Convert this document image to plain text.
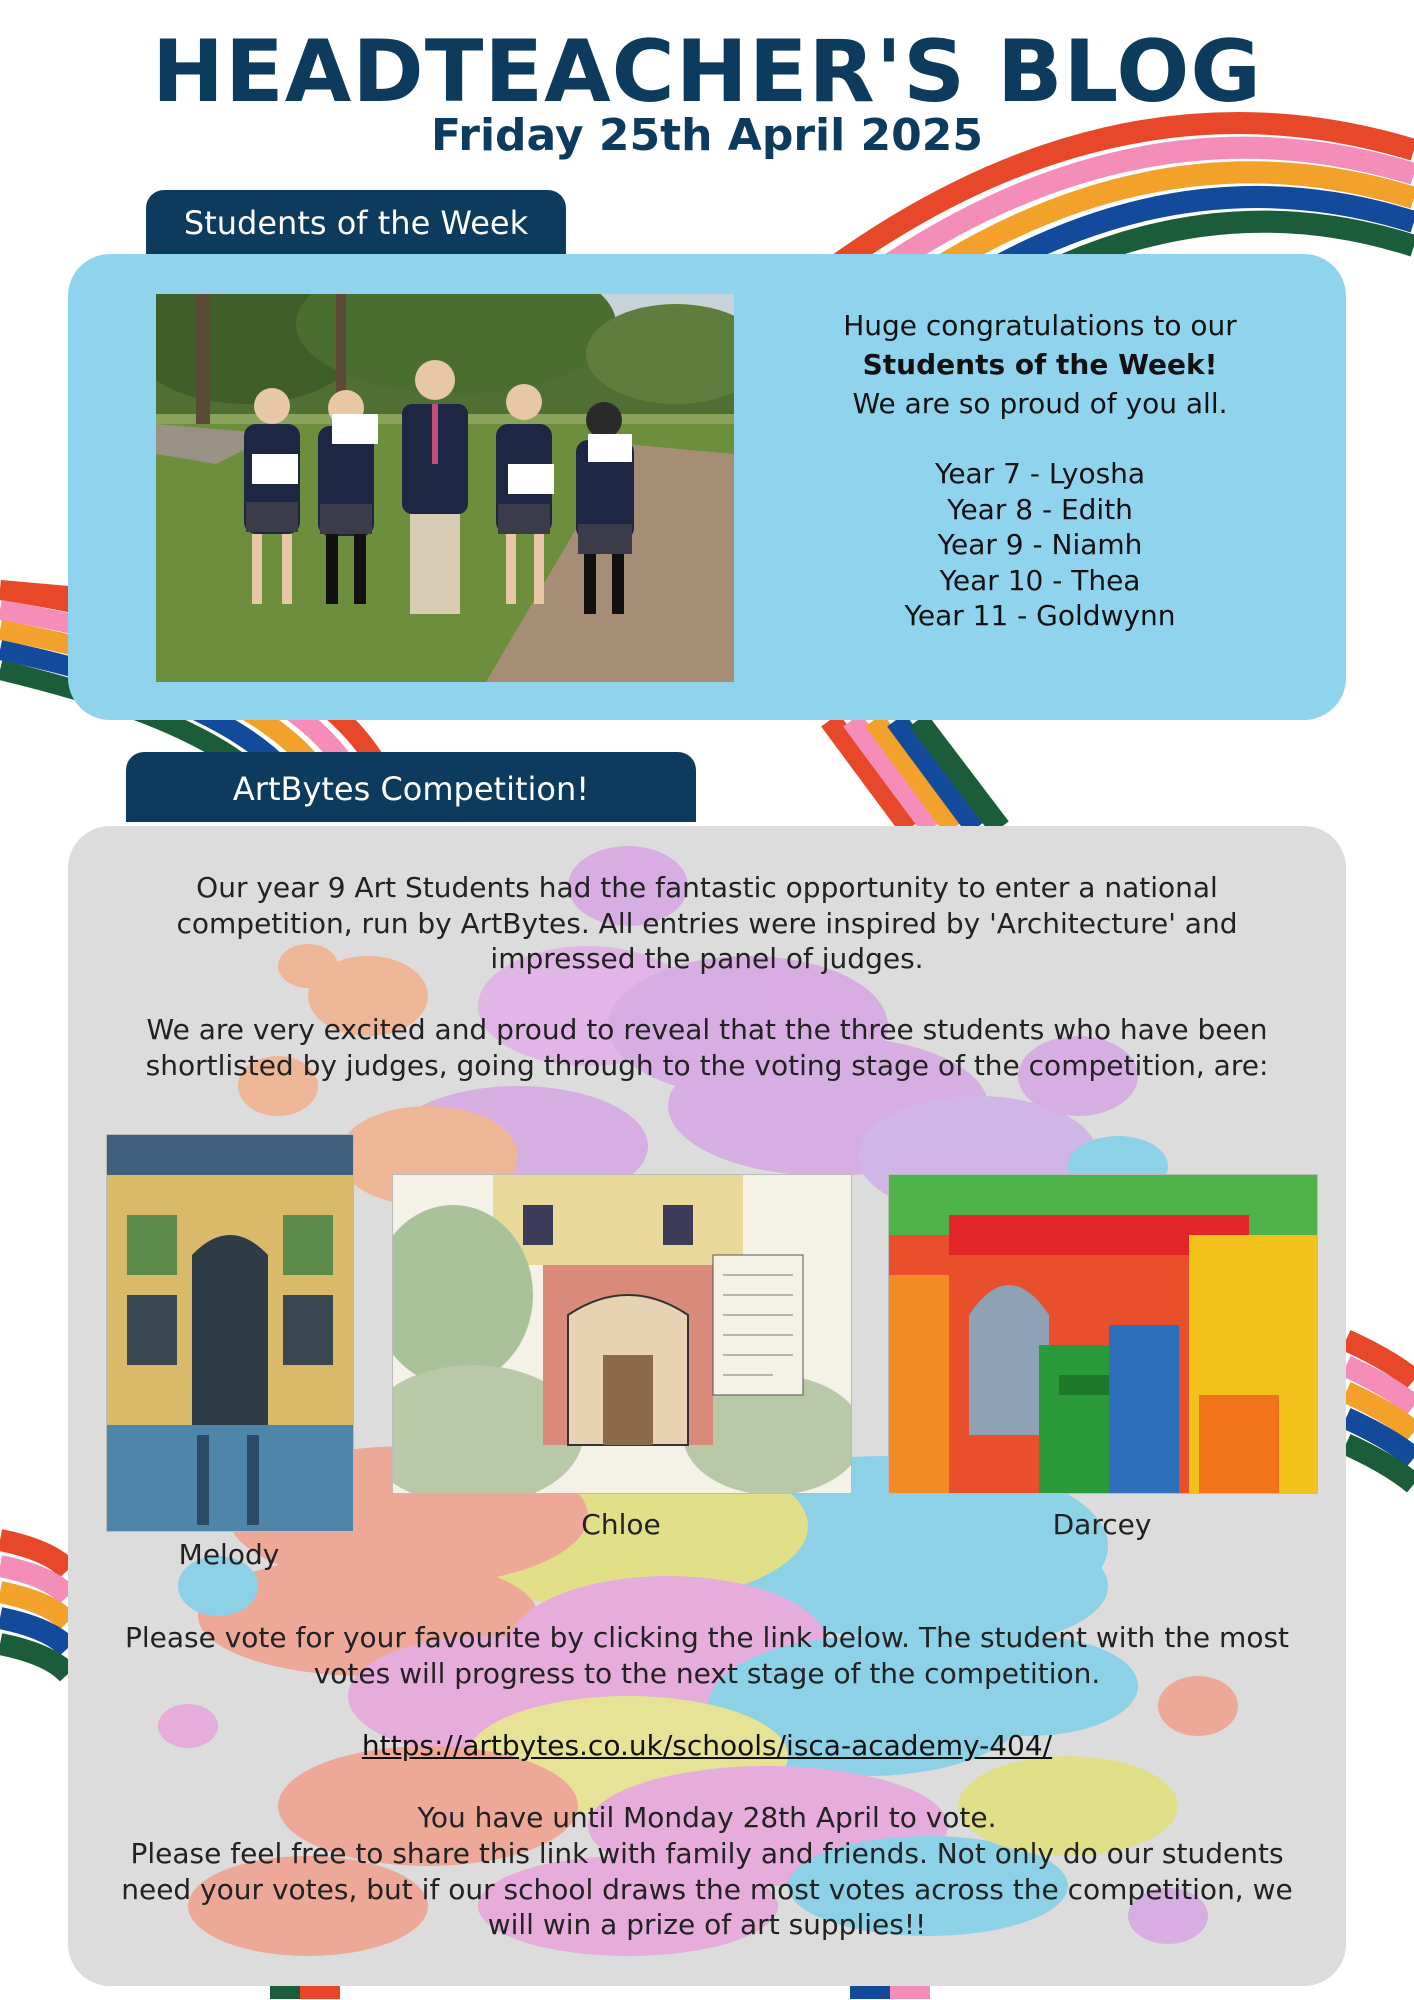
HEADTEACHER'S BLOG
Friday 25th April 2025
Students of the Week
Huge congratulations to our
Students of the Week!
We are so proud of you all.
Year 7 - Lyosha
Year 8 - Edith
Year 9 - Niamh
Year 10 - Thea
Year 11 - Goldwynn
ArtBytes Competition!
Our year 9 Art Students had the fantastic opportunity to enter a national competition, run by ArtBytes. All entries were inspired by 'Architecture' and impressed the panel of judges.
We are very excited and proud to reveal that the three students who have been shortlisted by judges, going through to the voting stage of the competition, are:
Melody
Chloe	Darcey
Please vote for your favourite by clicking the link below. The student with the most votes will progress to the next stage of the competition.
https://artbytes.co.uk/schools/isca-academy-404/
You have until Monday 28th April to vote.
Please feel free to share this link with family and friends. Not only do our students need your votes, but if our school draws the most votes across the competition, we will win a prize of art supplies!!
